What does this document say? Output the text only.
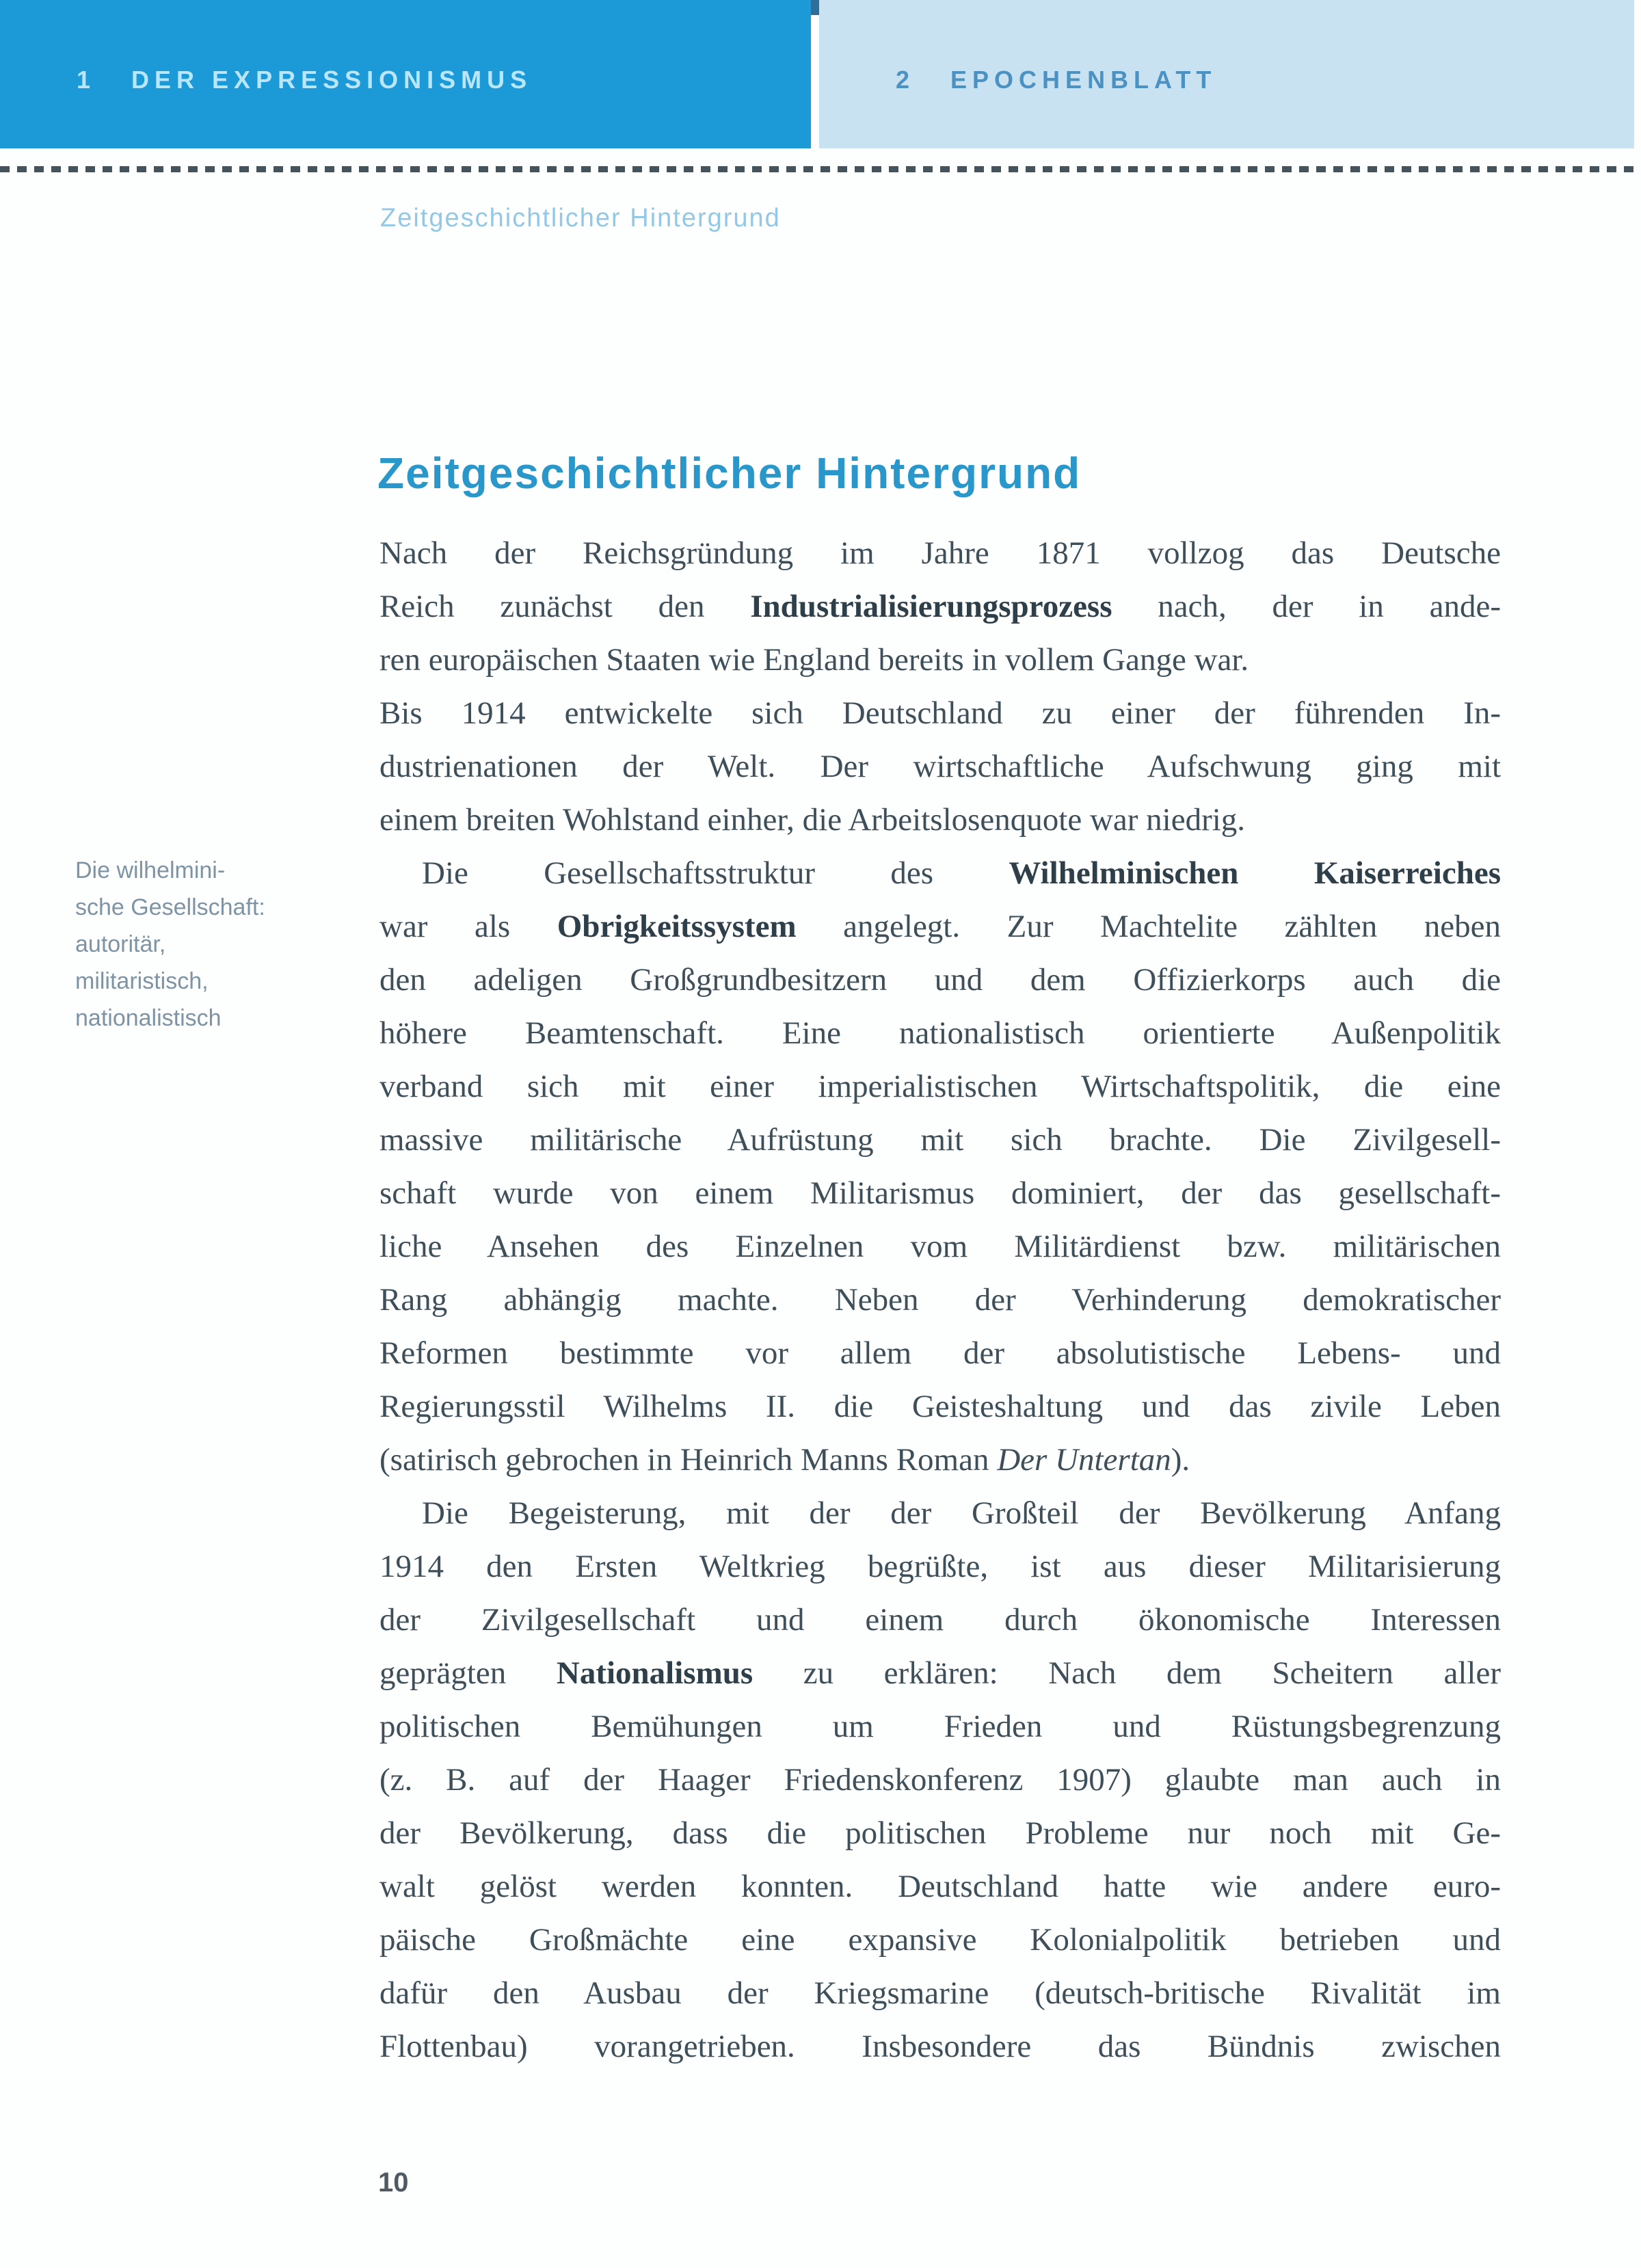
1 DER EXPRESSIONISMUS	2 EPOCHENBLATT
Zeitgeschichtlicher Hintergrund
Zeitgeschichtlicher Hintergrund
Die wilhelmini-
sche Gesellschaft:
autoritär,
militaristisch,
nationalistisch
Nach der Reichsgründung im Jahre 1871 vollzog das Deutsche
Reich zunächst den Industrialisierungsprozess nach, der in ande-
ren europäischen Staaten wie England bereits in vollem Gange war.
Bis 1914 entwickelte sich Deutschland zu einer der führenden In-
dustrienationen der Welt. Der wirtschaftliche Aufschwung ging mit
einem breiten Wohlstand einher, die Arbeitslosenquote war niedrig.
Die Gesellschaftsstruktur des Wilhelminischen Kaiserreiches
war als Obrigkeitssystem angelegt. Zur Machtelite zählten neben
den adeligen Großgrundbesitzern und dem Offizierkorps auch die
höhere Beamtenschaft. Eine nationalistisch orientierte Außenpolitik
verband sich mit einer imperialistischen Wirtschaftspolitik, die eine
massive militärische Aufrüstung mit sich brachte. Die Zivilgesell-
schaft wurde von einem Militarismus dominiert, der das gesellschaft-
liche Ansehen des Einzelnen vom Militärdienst bzw. militärischen
Rang abhängig machte. Neben der Verhinderung demokratischer
Reformen bestimmte vor allem der absolutistische Lebens- und
Regierungsstil Wilhelms II. die Geisteshaltung und das zivile Leben
(satirisch gebrochen in Heinrich Manns Roman Der Untertan).
Die Begeisterung, mit der der Großteil der Bevölkerung Anfang
1914 den Ersten Weltkrieg begrüßte, ist aus dieser Militarisierung
der Zivilgesellschaft und einem durch ökonomische Interessen
geprägten Nationalismus zu erklären: Nach dem Scheitern aller
politischen Bemühungen um Frieden und Rüstungsbegrenzung
(z. B. auf der Haager Friedenskonferenz 1907) glaubte man auch in
der Bevölkerung, dass die politischen Probleme nur noch mit Ge-
walt gelöst werden konnten. Deutschland hatte wie andere euro-
päische Großmächte eine expansive Kolonialpolitik betrieben und
dafür den Ausbau der Kriegsmarine (deutsch-britische Rivalität im
Flottenbau) vorangetrieben. Insbesondere das Bündnis zwischen
10
